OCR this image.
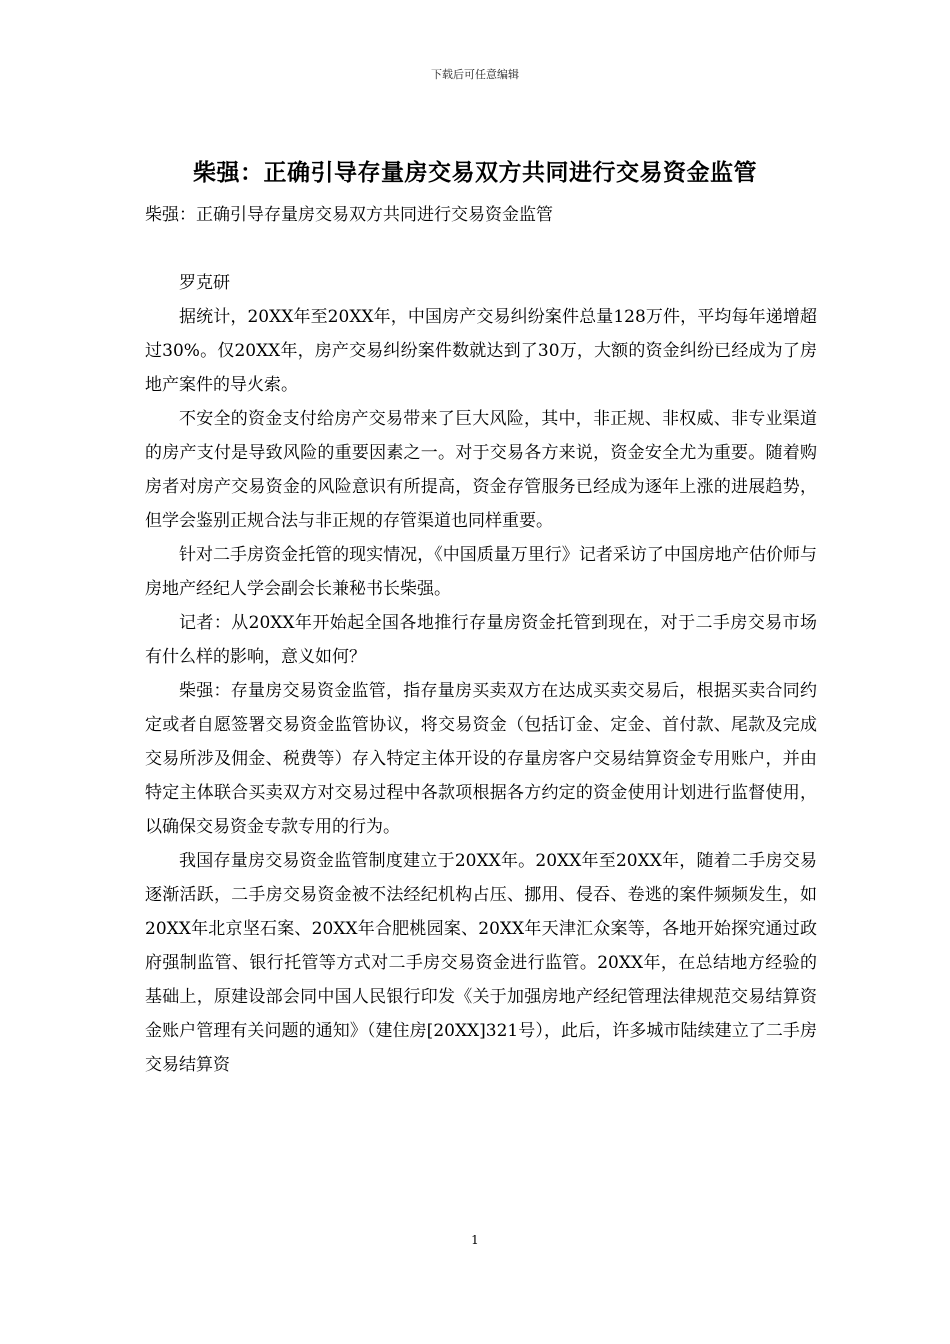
下载后可任意编辑
柴强：正确引导存量房交易双方共同进行交易资金监管

柴强：正确引导存量房交易双方共同进行交易资金监管

罗克研

据统计，20XX年至20XX年，中国房产交易纠纷案件总量128万件，平均每年递增超过30%。仅20XX年，房产交易纠纷案件数就达到了30万，大额的资金纠纷已经成为了房地产案件的导火索。

不安全的资金支付给房产交易带来了巨大风险，其中，非正规、非权威、非专业渠道的房产支付是导致风险的重要因素之一。对于交易各方来说，资金安全尤为重要。随着购房者对房产交易资金的风险意识有所提高，资金存管服务已经成为逐年上涨的进展趋势，但学会鉴别正规合法与非正规的存管渠道也同样重要。

针对二手房资金托管的现实情况，《中国质量万里行》记者采访了中国房地产估价师与房地产经纪人学会副会长兼秘书长柴强。

记者：从20XX年开始起全国各地推行存量房资金托管到现在，对于二手房交易市场有什么样的影响，意义如何？

柴强：存量房交易资金监管，指存量房买卖双方在达成买卖交易后，根据买卖合同约定或者自愿签署交易资金监管协议，将交易资金（包括订金、定金、首付款、尾款及完成交易所涉及佣金、税费等）存入特定主体开设的存量房客户交易结算资金专用账户，并由特定主体联合买卖双方对交易过程中各款项根据各方约定的资金使用计划进行监督使用，以确保交易资金专款专用的行为。

我国存量房交易资金监管制度建立于20XX年。20XX年至20XX年，随着二手房交易逐渐活跃，二手房交易资金被不法经纪机构占压、挪用、侵吞、卷逃的案件频频发生，如20XX年北京坚石案、20XX年合肥桃园案、20XX年天津汇众案等，各地开始探究通过政府强制监管、银行托管等方式对二手房交易资金进行监管。20XX年，在总结地方经验的基础上，原建设部会同中国人民银行印发《关于加强房地产经纪管理法律规范交易结算资金账户管理有关问题的通知》（建住房[20XX]321号），此后，许多城市陆续建立了二手房交易结算资

1
